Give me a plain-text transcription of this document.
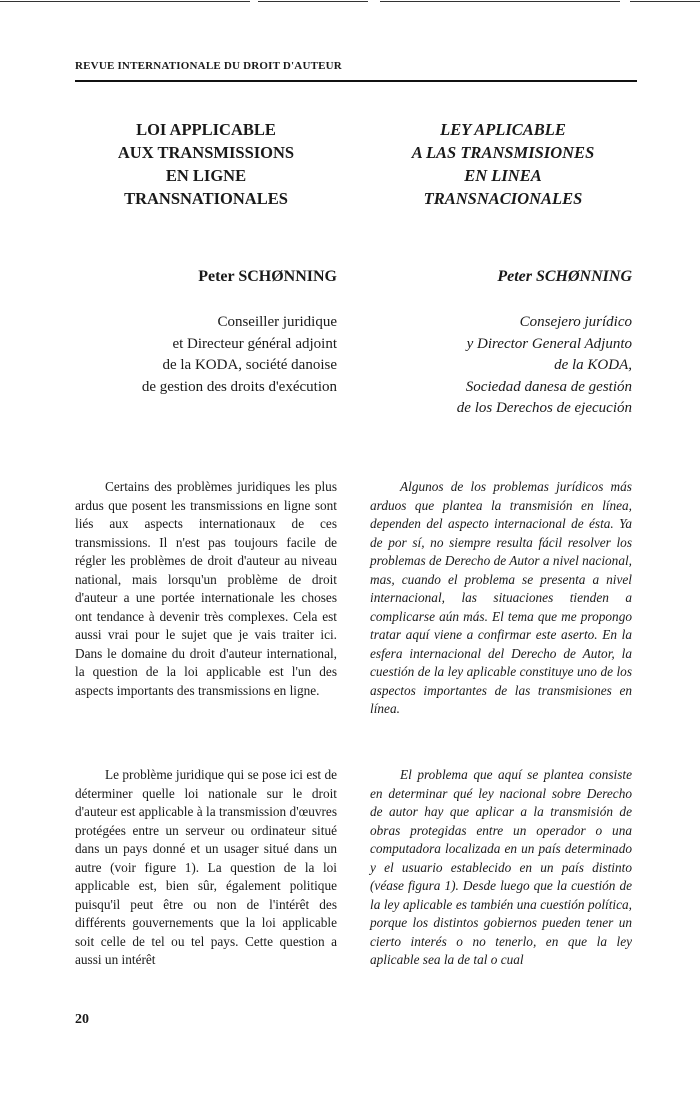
REVUE INTERNATIONALE DU DROIT D'AUTEUR
LOI APPLICABLE
AUX TRANSMISSIONS
EN LIGNE
TRANSNATIONALES
LEY APLICABLE
A LAS TRANSMISIONES
EN LINEA
TRANSNACIONALES
Peter SCHØNNING	Peter SCHØNNING
Conseiller juridique
et Directeur général adjoint
de la KODA, société danoise
de gestion des droits d'exécution
Consejero jurídico
y Director General Adjunto
de la KODA,
Sociedad danesa de gestión
de los Derechos de ejecución

Certains des problèmes juridiques les plus ardus que posent les transmissions en ligne sont liés aux aspects internationaux de ces transmissions. Il n'est pas toujours facile de régler les problèmes de droit d'auteur au niveau national, mais lorsqu'un problème de droit d'auteur a une portée internationale les choses ont tendance à devenir très complexes. Cela est aussi vrai pour le sujet que je vais traiter ici. Dans le domaine du droit d'auteur international, la question de la loi applicable est l'un des aspects importants des transmissions en ligne.

Algunos de los problemas jurídicos más arduos que plantea la transmisión en línea, dependen del aspecto internacional de ésta. Ya de por sí, no siempre resulta fácil resolver los problemas de Derecho de Autor a nivel nacional, mas, cuando el problema se presenta a nivel internacional, las situaciones tienden a complicarse aún más. El tema que me propongo tratar aquí viene a confirmar este aserto. En la esfera internacional del Derecho de Autor, la cuestión de la ley aplicable constituye uno de los aspectos importantes de las transmisiones en línea.

Le problème juridique qui se pose ici est de déterminer quelle loi nationale sur le droit d'auteur est applicable à la transmission d'œuvres protégées entre un serveur ou ordinateur situé dans un pays donné et un usager situé dans un autre (voir figure 1). La question de la loi applicable est, bien sûr, également politique puisqu'il peut être ou non de l'intérêt des différents gouvernements que la loi applicable soit celle de tel ou tel pays. Cette question a aussi un intérêt

El problema que aquí se plantea consiste en determinar qué ley nacional sobre Derecho de autor hay que aplicar a la transmisión de obras protegidas entre un operador o una computadora localizada en un país determinado y el usuario establecido en un país distinto (véase figura 1). Desde luego que la cuestión de la ley aplicable es también una cuestión política, porque los distintos gobiernos pueden tener un cierto interés o no tenerlo, en que la ley aplicable sea la de tal o cual

20
